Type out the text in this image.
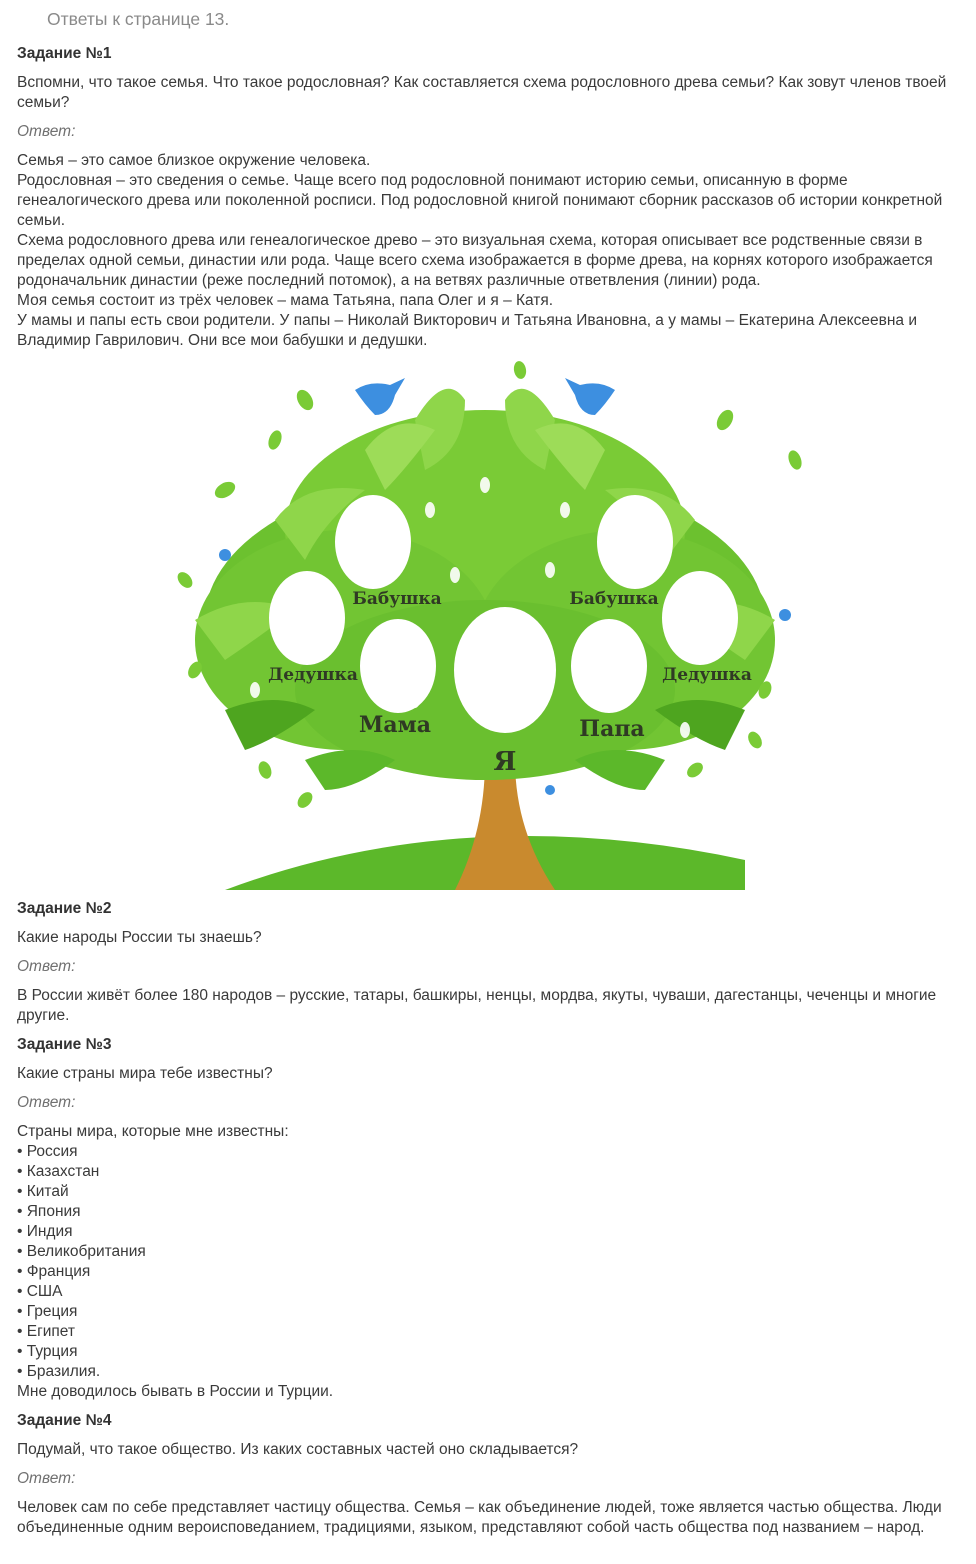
Ответы к странице 13.
Задание №1
Вспомни, что такое семья. Что такое родословная? Как составляется схема родословного древа семьи? Как зовут членов твоей семьи?
Ответ:

Семья – это самое близкое окружение человека.

Родословная – это сведения о семье. Чаще всего под родословной понимают историю семьи, описанную в форме генеалогического древа или поколенной росписи. Под родословной книгой понимают сборник рассказов об истории конкретной семьи.

Схема родословного древа или генеалогическое древо – это визуальная схема, которая описывает все родственные связи в пределах одной семьи, династии или рода. Чаще всего схема изображается в форме древа, на корнях которого изображается родоначальник династии (реже последний потомок), а на ветвях различные ответвления (линии) рода.

Моя семья состоит из трёх человек – мама Татьяна, папа Олег и я – Катя.

У мамы и папы есть свои родители. У папы – Николай Викторович и Татьяна Ивановна, а у мамы – Екатерина Алексеевна и Владимир Гаврилович. Они все мои бабушки и дедушки.

Бабушка	Бабушка
Дедушка	Дедушка
Мама	Папа
Я
Задание №2
Какие народы России ты знаешь?
Ответ:

В России живёт более 180 народов – русские, татары, башкиры, ненцы, мордва, якуты, чуваши, дагестанцы, чеченцы и многие другие.

Задание №3
Какие страны мира тебе известны?
Ответ:

Страны мира, которые мне известны:

• Россия
• Казахстан
• Китай
• Япония
• Индия
• Великобритания
• Франция
• США
• Греция
• Египет
• Турция
• Бразилия.

Мне доводилось бывать в России и Турции.

Задание №4
Подумай, что такое общество. Из каких составных частей оно складывается?
Ответ:

Человек сам по себе представляет частицу общества. Семья – как объединение людей, тоже является частью общества. Люди объединенные одним вероисповеданием, традициями, языком, представляют собой часть общества под названием – народ.
